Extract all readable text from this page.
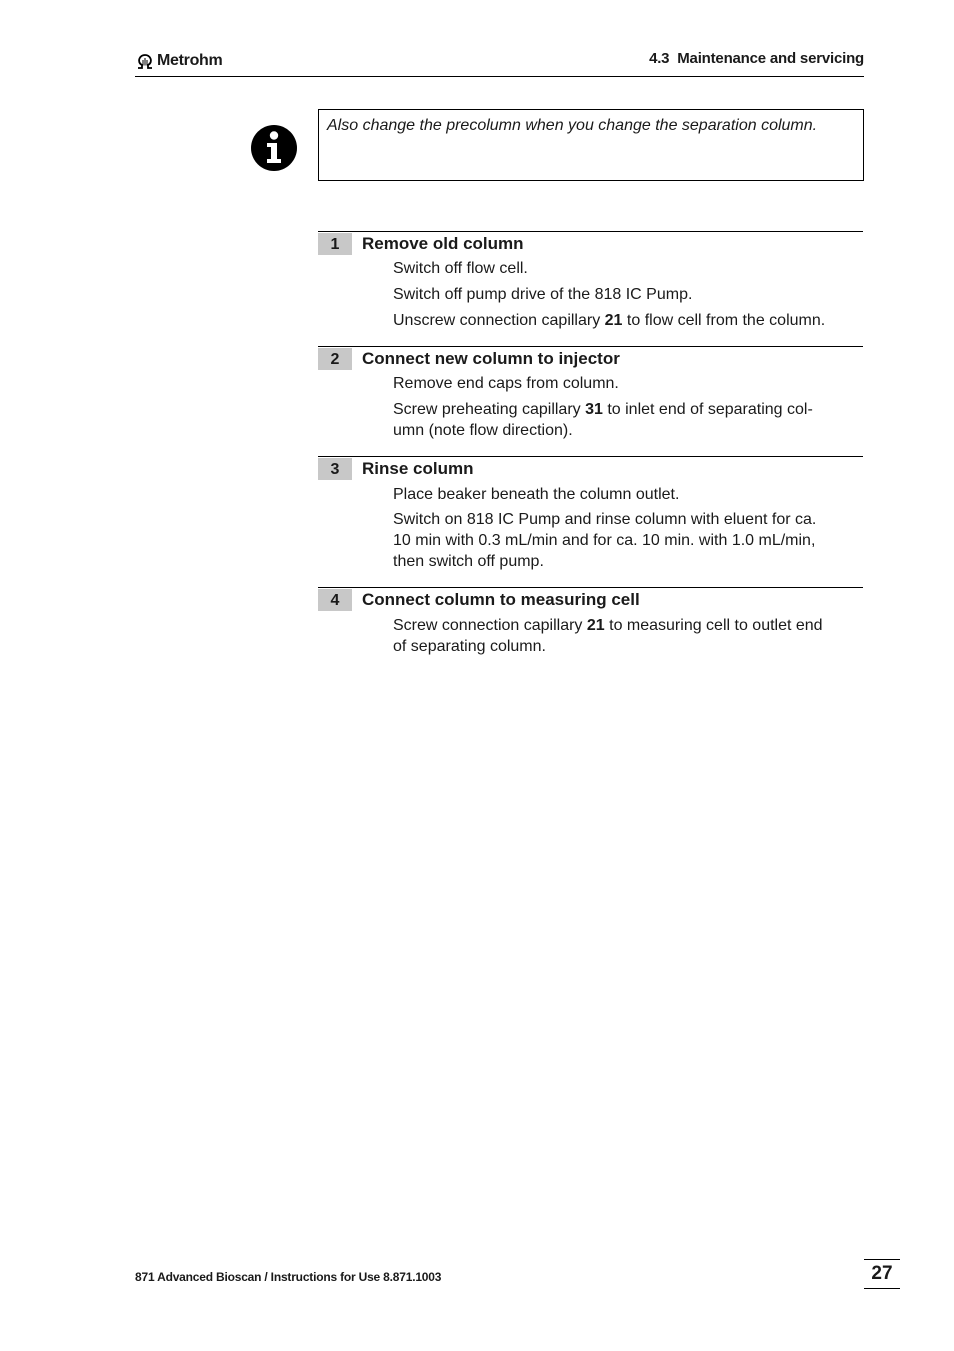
Metrohm	4.3 Maintenance and servicing
Also change the precolumn when you change the separation column.
1	Remove old column
Switch off flow cell.
Switch off pump drive of the 818 IC Pump.
Unscrew connection capillary 21 to flow cell from the column.
2	Connect new column to injector
Remove end caps from column.
Screw preheating capillary 31 to inlet end of separating col-
umn (note flow direction).
3	Rinse column
Place beaker beneath the column outlet.
Switch on 818 IC Pump and rinse column with eluent for ca.
10 min with 0.3 mL/min and for ca. 10 min. with 1.0 mL/min,
then switch off pump.
4	Connect column to measuring cell
Screw connection capillary 21 to measuring cell to outlet end
of separating column.
871 Advanced Bioscan / Instructions for Use 8.871.1003	27
